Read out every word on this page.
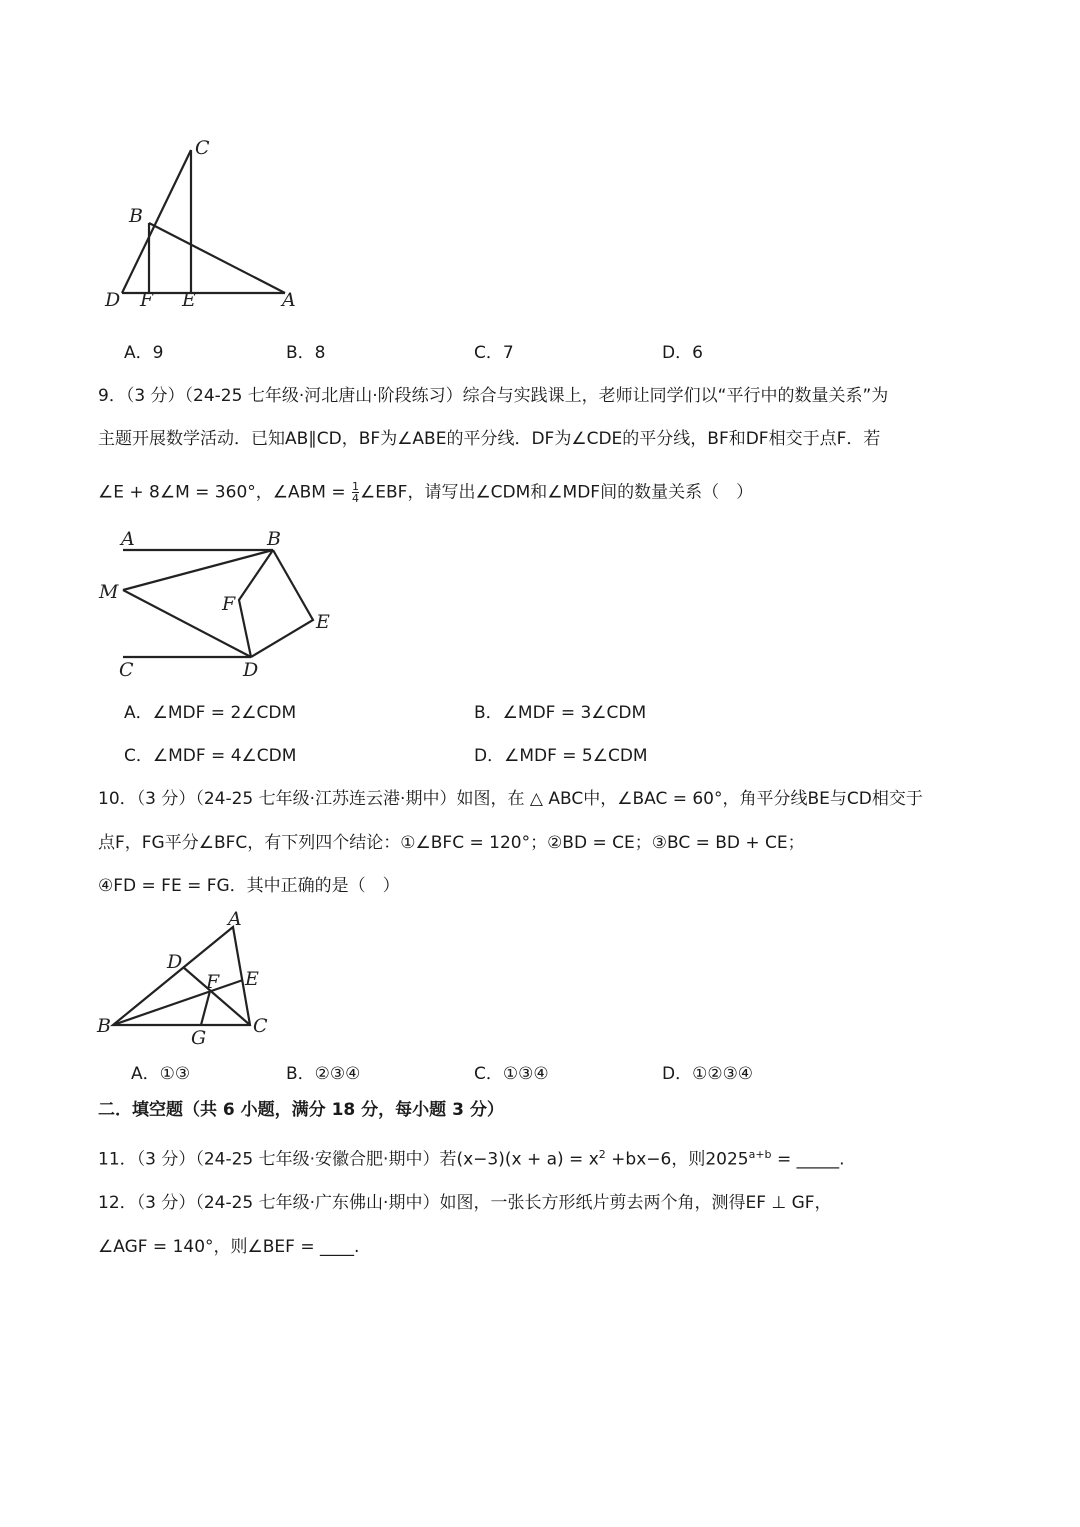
C
B
D F E	A
A．9	B．8	C．7	D．6
9．（3 分）（24-25 七年级·河北唐山·阶段练习）综合与实践课上，老师让同学们以“平行中的数量关系”为
主题开展数学活动．已知AB∥CD，BF为∠ABE的平分线．DF为∠CDE的平分线，BF和DF相交于点F．若
∠E + 8∠M = 360°，∠ABM = $\frac{1}{4}$ ∠EBF，请写出∠CDM和∠MDF间的数量关系（　）
A	B
M
F
E
C	D
A．∠MDF = 2∠CDM	B．∠MDF = 3∠CDM
C．∠MDF = 4∠CDM	D．∠MDF = 5∠CDM
10．（3 分）（24-25 七年级·江苏连云港·期中）如图，在 △ ABC中，∠BAC = 60°，角平分线BE与CD相交于
点F，FG平分∠BFC，有下列四个结论：①∠BFC = 120°；②BD = CE；③BC = BD + CE；
④FD = FE = FG．其中正确的是（　）
A
D
F E
B
G
C
A．①③	B．②③④	C．①③④	D．①②③④
二．填空题（共 6 小题，满分 18 分，每小题 3 分）
11．（3 分）（24-25 七年级·安徽合肥·期中）若$(x-3)(x + a) = x^2 +bx-6$，则$2025^{a+b}$ = _____.
12．（3 分）（24-25 七年级·广东佛山·期中）如图，一张长方形纸片剪去两个角，测得EF ⊥ GF，
∠AGF = 140°，则∠BEF = ____.
